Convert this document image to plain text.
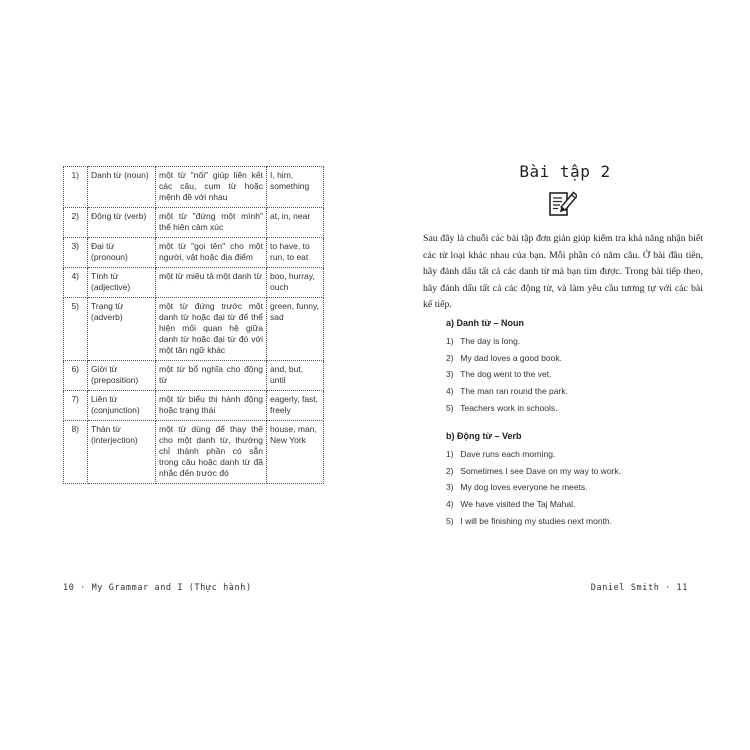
1)	Danh từ (noun)	một từ "nối" giúp liên kết các câu, cụm từ hoặc mệnh đề với nhau	I, him, something
2)	Động từ (verb)	một từ "đứng một mình" thể hiện cảm xúc	at, in, near
3)	Đại từ (pronoun)	một từ "gọi tên" cho một người, vật hoặc địa điểm	to have, to run, to eat
4)	Tính từ (adjective)	một từ miêu tả một danh từ	boo, hurray, ouch
5)	Trạng từ (adverb)	một từ đứng trước một danh từ hoặc đại từ để thể hiện mối quan hệ giữa danh từ hoặc đại từ đó với một tân ngữ khác	green, funny, sad
6)	Giới từ (preposition)	một từ bổ nghĩa cho động từ	and, but, until
7)	Liên từ (conjunction)	một từ biểu thị hành động hoặc trạng thái	eagerly, fast, freely
8)	Thán từ (interjection)	một từ dùng để thay thế cho một danh từ, thường chỉ thành phần có sẵn trong câu hoặc danh từ đã nhắc đến trước đó	house, man, New York
10 · My Grammar and I (Thực hành)
Bài tập 2
Sau đây là chuỗi các bài tập đơn giản giúp kiểm tra khả năng nhận biết các từ loại khác nhau của bạn. Mỗi phần có năm câu. Ở bài đầu tiên, hãy đánh dấu tất cả các danh từ mà bạn tìm được. Trong bài tiếp theo, hãy đánh dấu tất cả các động từ, và làm yêu cầu tương tự với các bài kế tiếp.
a) Danh từ – Noun
1) The day is long.
2) My dad loves a good book.
3) The dog went to the vet.
4) The man ran round the park.
5) Teachers work in schools.
b) Động từ – Verb
1) Dave runs each morning.
2) Sometimes I see Dave on my way to work.
3) My dog loves everyone he meets.
4) We have visited the Taj Mahal.
5) I will be finishing my studies next month.
Daniel Smith · 11
